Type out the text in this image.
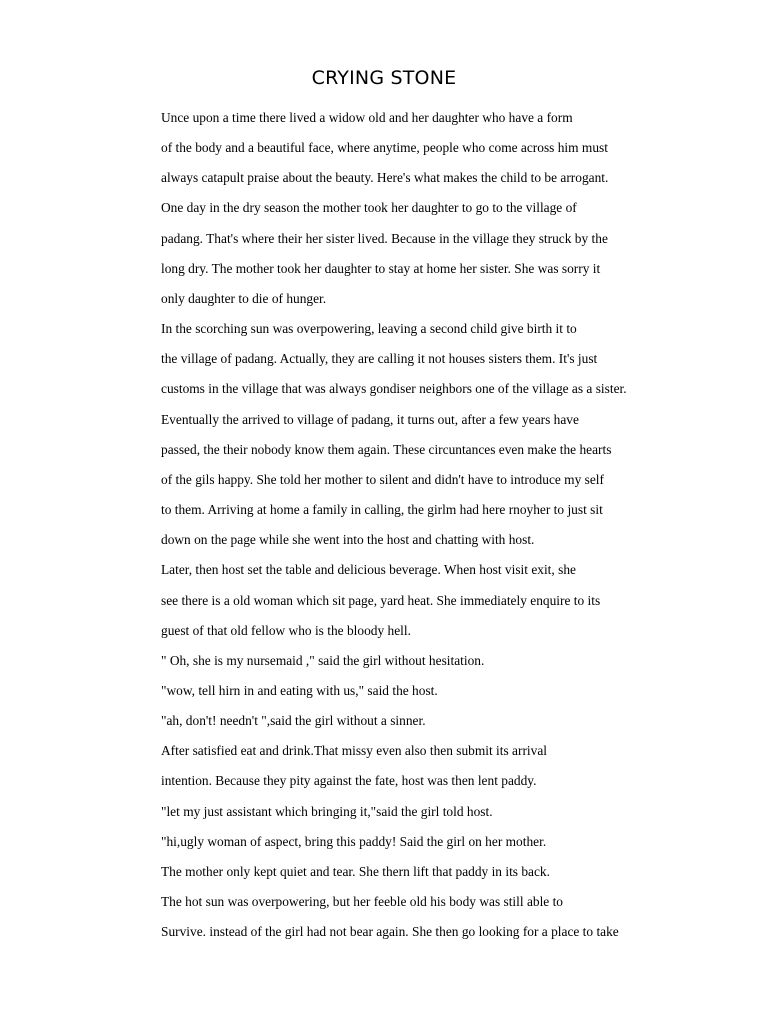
CRYING STONE

Unce upon a time there lived a widow old and her daughter who have a form
of the body and a beautiful face, where anytime, people who come across him must
always catapult praise about the beauty. Here's what makes the child to be arrogant.

One day in the dry season the mother took her daughter to go to the village of
padang. That's where their her sister lived. Because in the village they struck by the
long dry. The mother took her daughter to stay at home her sister. She was sorry it
only daughter to die of hunger.

In the scorching sun was overpowering, leaving a second child give birth it to
the village of padang. Actually, they are calling it not houses sisters them. It's just
customs in the village that was always gondiser neighbors one of the village as a sister.

Eventually the arrived to village of padang, it turns out, after a few years have
passed, the their nobody know them again. These circuntances even make the hearts
of the gils happy. She told her mother to silent and didn't have to introduce my self
to them. Arriving at home a family in calling, the girlm had here rnoyher to just sit
down on the page while she went into the host and chatting with host.

Later, then host set the table and delicious beverage. When host visit exit, she
see there is a old woman which sit page, yard heat. She immediately enquire to its
guest of that old fellow who is the bloody hell.

" Oh, she is my nursemaid ," said the girl without hesitation.

"wow, tell hirn in and eating with us," said the host.

"ah, don't! needn't ",said the girl without a sinner.

After satisfied eat and drink.That missy even also then submit its arrival
intention. Because they pity against the fate, host was then lent paddy.

"let my just assistant which bringing it,"said the girl told host.

"hi,ugly woman of aspect, bring this paddy! Said the girl on her mother.

The mother only kept quiet and tear. She thern lift that paddy in its back.

The hot sun was overpowering, but her feeble old his body was still able to
Survive. instead of the girl had not bear again. She then go looking for a place to take
